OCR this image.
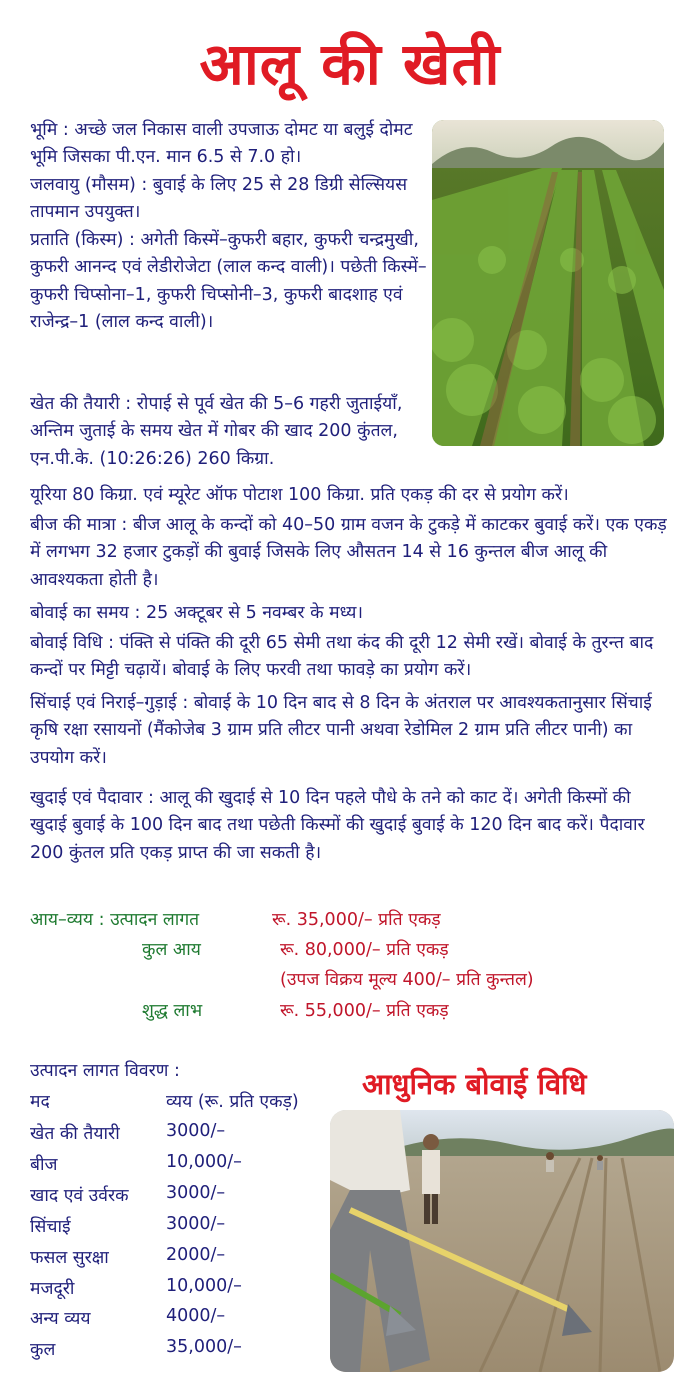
आलू की खेती

भूमि : अच्छे जल निकास वाली उपजाऊ दोमट या बलुई दोमट भूमि जिसका पी.एन. मान 6.5 से 7.0 हो।

जलवायु (मौसम) : बुवाई के लिए 25 से 28 डिग्री सेल्सियस तापमान उपयुक्त।

प्रताति (किस्म) : अगेती किस्में–कुफरी बहार, कुफरी चन्द्रमुखी, कुफरी आनन्द एवं लेडीरोजेटा (लाल कन्द वाली)। पछेती किस्में–कुफरी चिप्सोना–1, कुफरी चिप्सोनी–3, कुफरी बादशाह एवं राजेन्द्र–1 (लाल कन्द वाली)।

खेत की तैयारी : रोपाई से पूर्व खेत की 5–6 गहरी जुताईयाँ, अन्तिम जुताई के समय खेत में गोबर की खाद 200 कुंतल, एन.पी.के. (10:26:26) 260 किग्रा.

यूरिया 80 किग्रा. एवं म्यूरेट ऑफ पोटाश 100 किग्रा. प्रति एकड़ की दर से प्रयोग करें।

बीज की मात्रा : बीज आलू के कन्दों को 40–50 ग्राम वजन के टुकड़े में काटकर बुवाई करें। एक एकड़ में लगभग 32 हजार टुकड़ों की बुवाई जिसके लिए औसतन 14 से 16 कुन्तल बीज आलू की आवश्यकता होती है।

बोवाई का समय : 25 अक्टूबर से 5 नवम्बर के मध्य।

बोवाई विधि : पंक्ति से पंक्ति की दूरी 65 सेमी तथा कंद की दूरी 12 सेमी रखें। बोवाई के तुरन्त बाद कन्दों पर मिट्टी चढ़ायें। बोवाई के लिए फरवी तथा फावड़े का प्रयोग करें।

सिंचाई एवं निराई–गुड़ाई : बोवाई के 10 दिन बाद से 8 दिन के अंतराल पर आवश्यकतानुसार सिंचाई कृषि रक्षा रसायनों (मैंकोजेब 3 ग्राम प्रति लीटर पानी अथवा रेडोमिल 2 ग्राम प्रति लीटर पानी) का उपयोग करें।

खुदाई एवं पैदावार : आलू की खुदाई से 10 दिन पहले पौधे के तने को काट दें। अगेती किस्मों की खुदाई बुवाई के 100 दिन बाद तथा पछेती किस्मों की खुदाई बुवाई के 120 दिन बाद करें। पैदावार 200 कुंतल प्रति एकड़ प्राप्त की जा सकती है।

आय–व्यय : उत्पादन लागत	रू. 35,000/– प्रति एकड़
कुल आय	रू. 80,000/– प्रति एकड़
(उपज विक्रय मूल्य 400/– प्रति कुन्तल)
शुद्ध लाभ	रू. 55,000/– प्रति एकड़
उत्पादन लागत विवरण :
मद	व्यय (रू. प्रति एकड़)
खेत की तैयारी	3000/–
बीज	10,000/–
खाद एवं उर्वरक 3000/–
सिंचाई	3000/–
फसल सुरक्षा	2000/–
मजदूरी	10,000/–
अन्य व्यय	4000/–
कुल	35,000/–
आधुनिक बोवाई विधि
